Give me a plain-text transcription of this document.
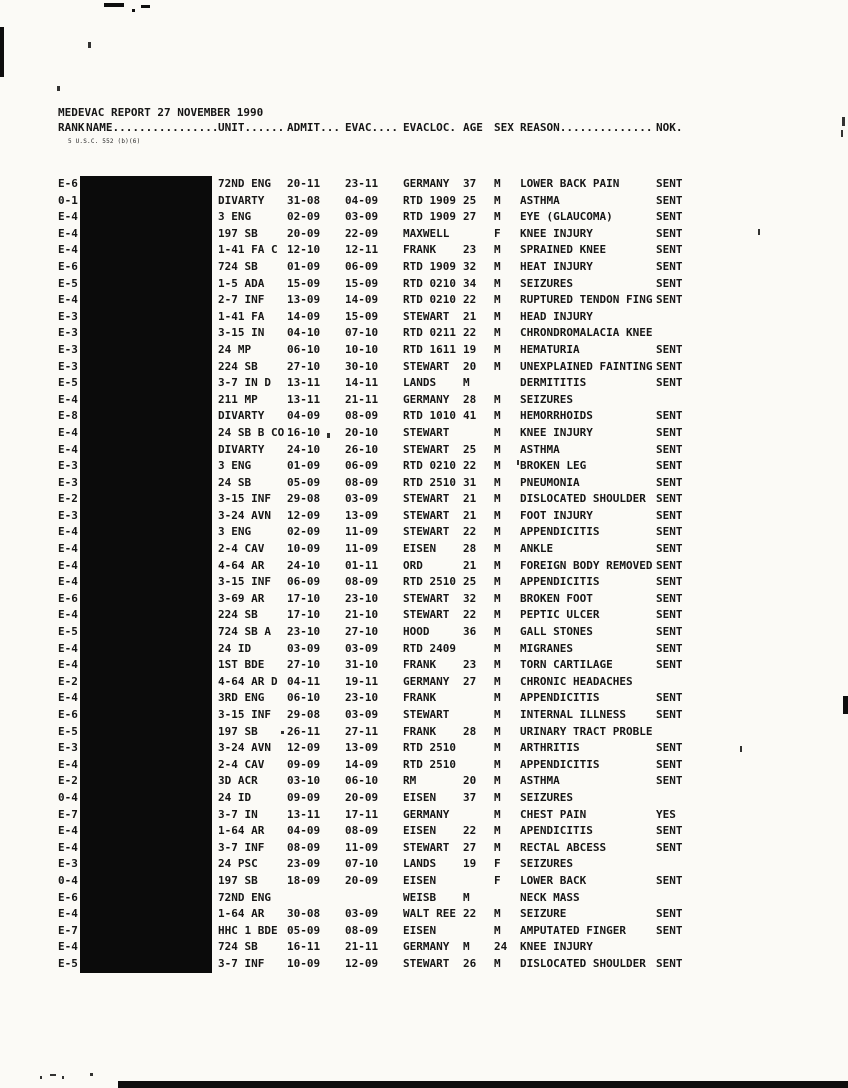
MEDEVAC REPORT 27 NOVEMBER 1990
RANK NAME................ UNIT...... ADMIT... EVAC.... EVACLOC. AGE SEX REASON.............. NOK.
5 U.S.C. 552 (b)(6)
E-6	72ND ENG 20-11 23-11 GERMANY 37 M LOWER BACK PAIN	SENT
0-1	DIVARTY 31-08 04-09 RTD 1909 25 M ASTHMA	SENT
E-4	3 ENG	02-09 03-09 RTD 1909 27 M EYE (GLAUCOMA)	SENT
E-4	197 SB	20-09 22-09 MAXWELL	F KNEE INJURY	SENT
E-4	1-41 FA C 12-10 12-11 FRANK 23 M SPRAINED KNEE	SENT
E-6	724 SB	01-09 06-09 RTD 1909 32 M HEAT INJURY	SENT
E-5	1-5 ADA 15-09 15-09 RTD 0210 34 M SEIZURES	SENT
E-4	2-7 INF 13-09 14-09 RTD 0210 22 M RUPTURED TENDON FING SENT
E-3	1-41 FA 14-09 15-09 STEWART 21 M HEAD INJURY
E-3	3-15 IN 04-10 07-10 RTD 0211 22 M CHRONDROMALACIA KNEE
E-3	24 MP	06-10 10-10 RTD 1611 19 M HEMATURIA	SENT
E-3	224 SB	27-10 30-10 STEWART 20 M UNEXPLAINED FAINTING SENT
E-5	3-7 IN D 13-11 14-11 LANDS M	DERMITITIS	SENT
E-4	211 MP	13-11 21-11 GERMANY 28 M SEIZURES
E-8	DIVARTY 04-09 08-09 RTD 1010 41 M HEMORRHOIDS	SENT
E-4	24 SB B CO 16-10 20-10 STEWART	M KNEE INJURY	SENT
E-4	DIVARTY 24-10 26-10 STEWART 25 M ASTHMA	SENT
E-3	3 ENG	01-09 06-09 RTD 0210 22 M BROKEN LEG	SENT
E-3	24 SB	05-09 08-09 RTD 2510 31 M PNEUMONIA	SENT
E-2	3-15 INF 29-08 03-09 STEWART 21 M DISLOCATED SHOULDER SENT
E-3	3-24 AVN 12-09 13-09 STEWART 21 M FOOT INJURY	SENT
E-4	3 ENG	02-09 11-09 STEWART 22 M APPENDICITIS	SENT
E-4	2-4 CAV 10-09 11-09 EISEN 28 M ANKLE	SENT
E-4	4-64 AR 24-10 01-11 ORD	21 M FOREIGN BODY REMOVED SENT
E-4	3-15 INF 06-09 08-09 RTD 2510 25 M APPENDICITIS	SENT
E-6	3-69 AR 17-10 23-10 STEWART 32 M BROKEN FOOT	SENT
E-4	224 SB	17-10 21-10 STEWART 22 M PEPTIC ULCER	SENT
E-5	724 SB A 23-10 27-10 HOOD	36 M GALL STONES	SENT
E-4	24 ID	03-09 03-09 RTD 2409	M MIGRANES	SENT
E-4	1ST BDE 27-10 31-10 FRANK 23 M TORN CARTILAGE	SENT
E-2	4-64 AR D 04-11 19-11 GERMANY 27 M CHRONIC HEADACHES
E-4	3RD ENG 06-10 23-10 FRANK	M APPENDICITIS	SENT
E-6	3-15 INF 29-08 03-09 STEWART	M INTERNAL ILLNESS	SENT
E-5	197 SB	26-11 27-11 FRANK 28 M URINARY TRACT PROBLE
E-3	3-24 AVN 12-09 13-09 RTD 2510	M ARTHRITIS	SENT
E-4	2-4 CAV 09-09 14-09 RTD 2510	M APPENDICITIS	SENT
E-2	3D ACR	03-10 06-10 RM	20 M ASTHMA	SENT
0-4	24 ID	09-09 20-09 EISEN 37 M SEIZURES
E-7	3-7 IN	13-11 17-11 GERMANY	M CHEST PAIN	YES
E-4	1-64 AR 04-09 08-09 EISEN 22 M APENDICITIS	SENT
E-4	3-7 INF 08-09 11-09 STEWART 27 M RECTAL ABCESS	SENT
E-3	24 PSC	23-09 07-10 LANDS 19 F SEIZURES
0-4	197 SB	18-09 20-09 EISEN	F LOWER BACK	SENT
E-6	72ND ENG	WEISB M	NECK MASS
E-4	1-64 AR 30-08 03-09 WALT REE 22 M SEIZURE	SENT
E-7	HHC 1 BDE 05-09 08-09 EISEN	M AMPUTATED FINGER	SENT
E-4	724 SB	16-11 21-11 GERMANY M 24 KNEE INJURY
E-5	3-7 INF 10-09 12-09 STEWART 26 M DISLOCATED SHOULDER SENT
